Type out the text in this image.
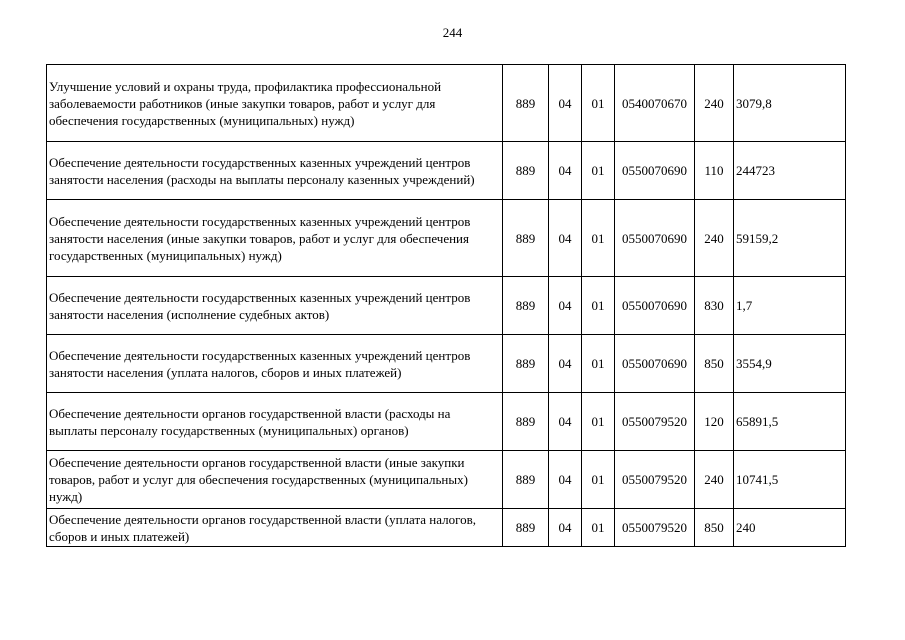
244
Улучшение условий и охраны труда, профилактика профессиональной заболеваемости работников (иные закупки товаров, работ и услуг для обеспечения государственных (муниципальных) нужд)	889	04	01	0540070670	240	3079,8
Обеспечение деятельности государственных казенных учреждений центров занятости населения (расходы на выплаты персоналу казенных учреждений)	889	04	01	0550070690	110	244723
Обеспечение деятельности государственных казенных учреждений центров занятости населения (иные закупки товаров, работ и услуг для обеспечения государственных (муниципальных) нужд)	889	04	01	0550070690	240	59159,2
Обеспечение деятельности государственных казенных учреждений центров занятости населения (исполнение судебных актов)	889	04	01	0550070690	830	1,7
Обеспечение деятельности государственных казенных учреждений центров занятости населения (уплата налогов, сборов и иных платежей)	889	04	01	0550070690	850	3554,9
Обеспечение деятельности органов государственной власти (расходы на выплаты персоналу государственных (муниципальных) органов)	889	04	01	0550079520	120	65891,5
Обеспечение деятельности органов государственной власти (иные закупки товаров, работ и услуг для обеспечения государственных (муниципальных) нужд)	889	04	01	0550079520	240	10741,5
Обеспечение деятельности органов государственной власти (уплата налогов, сборов и иных платежей)	889	04	01	0550079520	850	240
